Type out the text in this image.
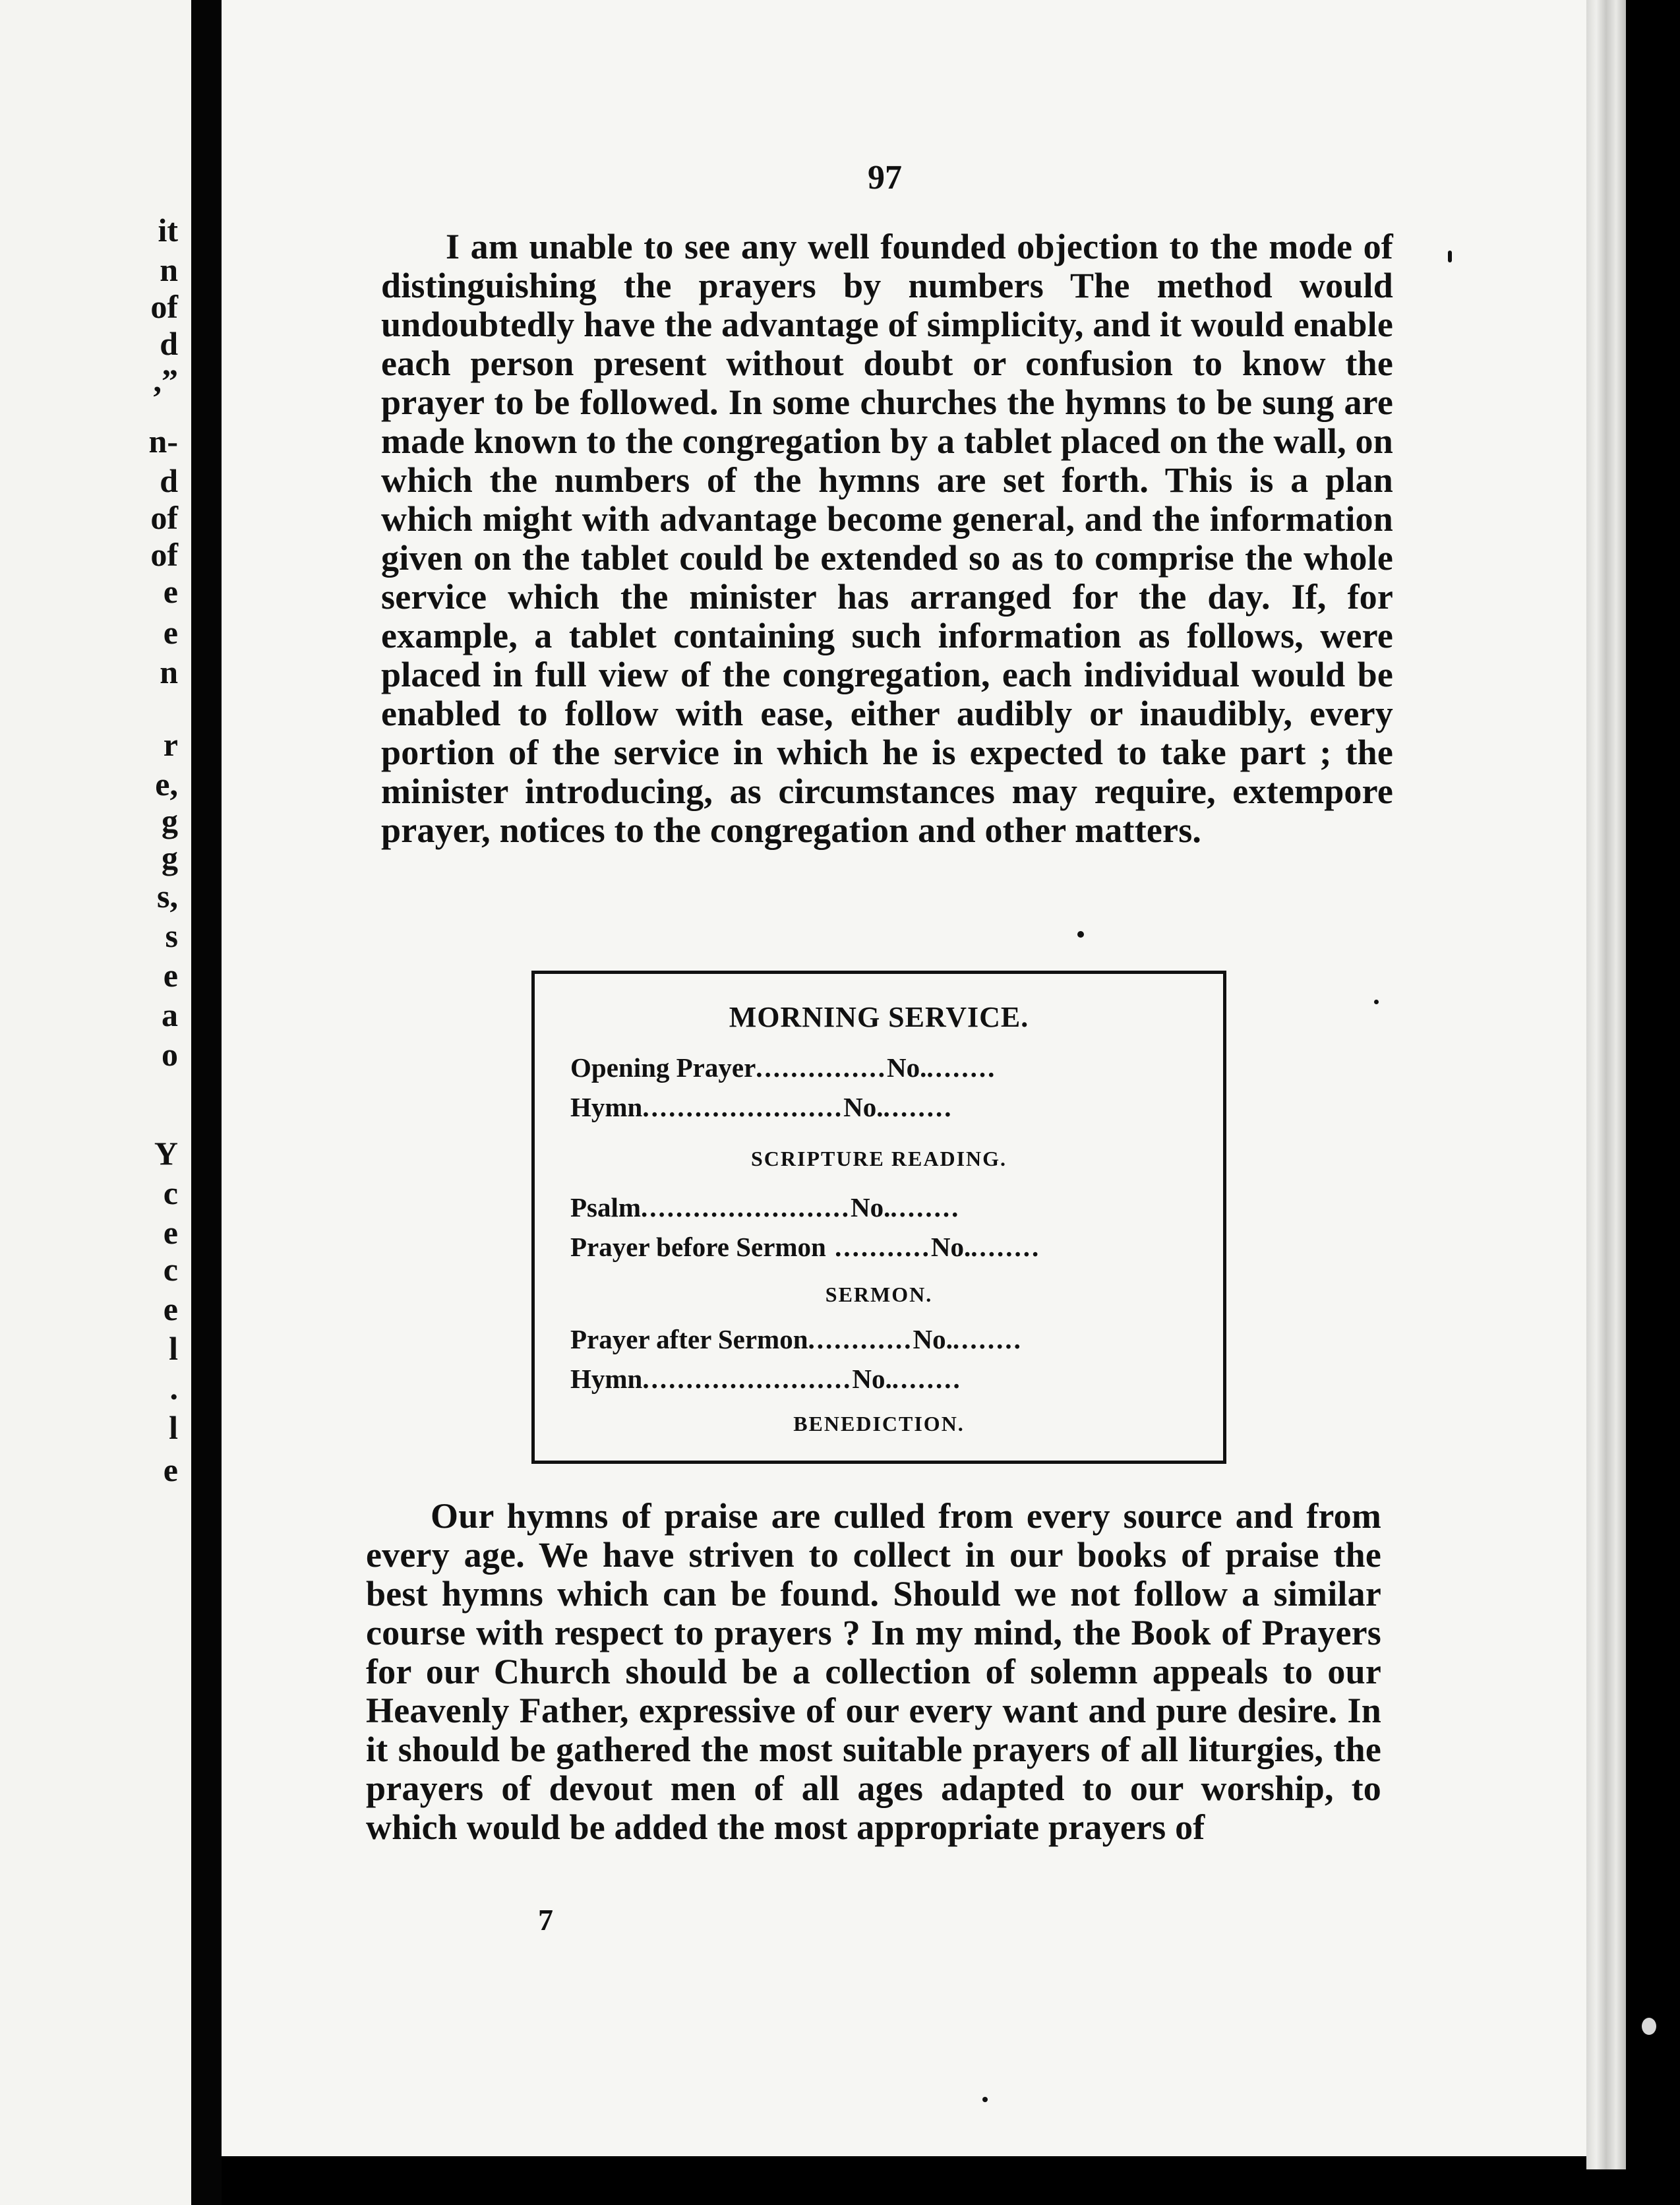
it
n
of
d
,”
n-
d
of
of
e
e
n
r
e,
g
g
s,
s
e
a
o
Y
c
e
c
e
l
.
l
e
97

I am unable to see any well founded objection to the mode of distinguishing the prayers by numbers The method would undoubtedly have the advantage of simplicity, and it would enable each person present without doubt or confusion to know the prayer to be followed. In some churches the hymns to be sung are made known to the congregation by a tablet placed on the wall, on which the numbers of the hymns are set forth. This is a plan which might with advantage become general, and the information given on the tablet could be extended so as to comprise the whole service which the minister has arranged for the day. If, for example, a tablet containing such information as follows, were placed in full view of the congregation, each individual would be enabled to follow with ease, either audibly or inaudibly, every portion of the service in which he is expected to take part ; the minister introducing, as circumstances may require, extempore prayer, notices to the congregation and other matters.

MORNING SERVICE.
Opening Prayer...............No.........
Hymn.......................No.........
SCRIPTURE READING.
Psalm........................No.........
Prayer before Sermon ...........No.........
SERMON.
Prayer after Sermon............No.........
Hymn........................No.........
BENEDICTION.

Our hymns of praise are culled from every source and from every age. We have striven to collect in our books of praise the best hymns which can be found. Should we not follow a similar course with respect to prayers ? In my mind, the Book of Prayers for our Church should be a collection of solemn appeals to our Heavenly Father, expressive of our every want and pure desire. In it should be gathered the most suitable prayers of all liturgies, the prayers of devout men of all ages adapted to our worship, to which would be added the most appropriate prayers of

7
